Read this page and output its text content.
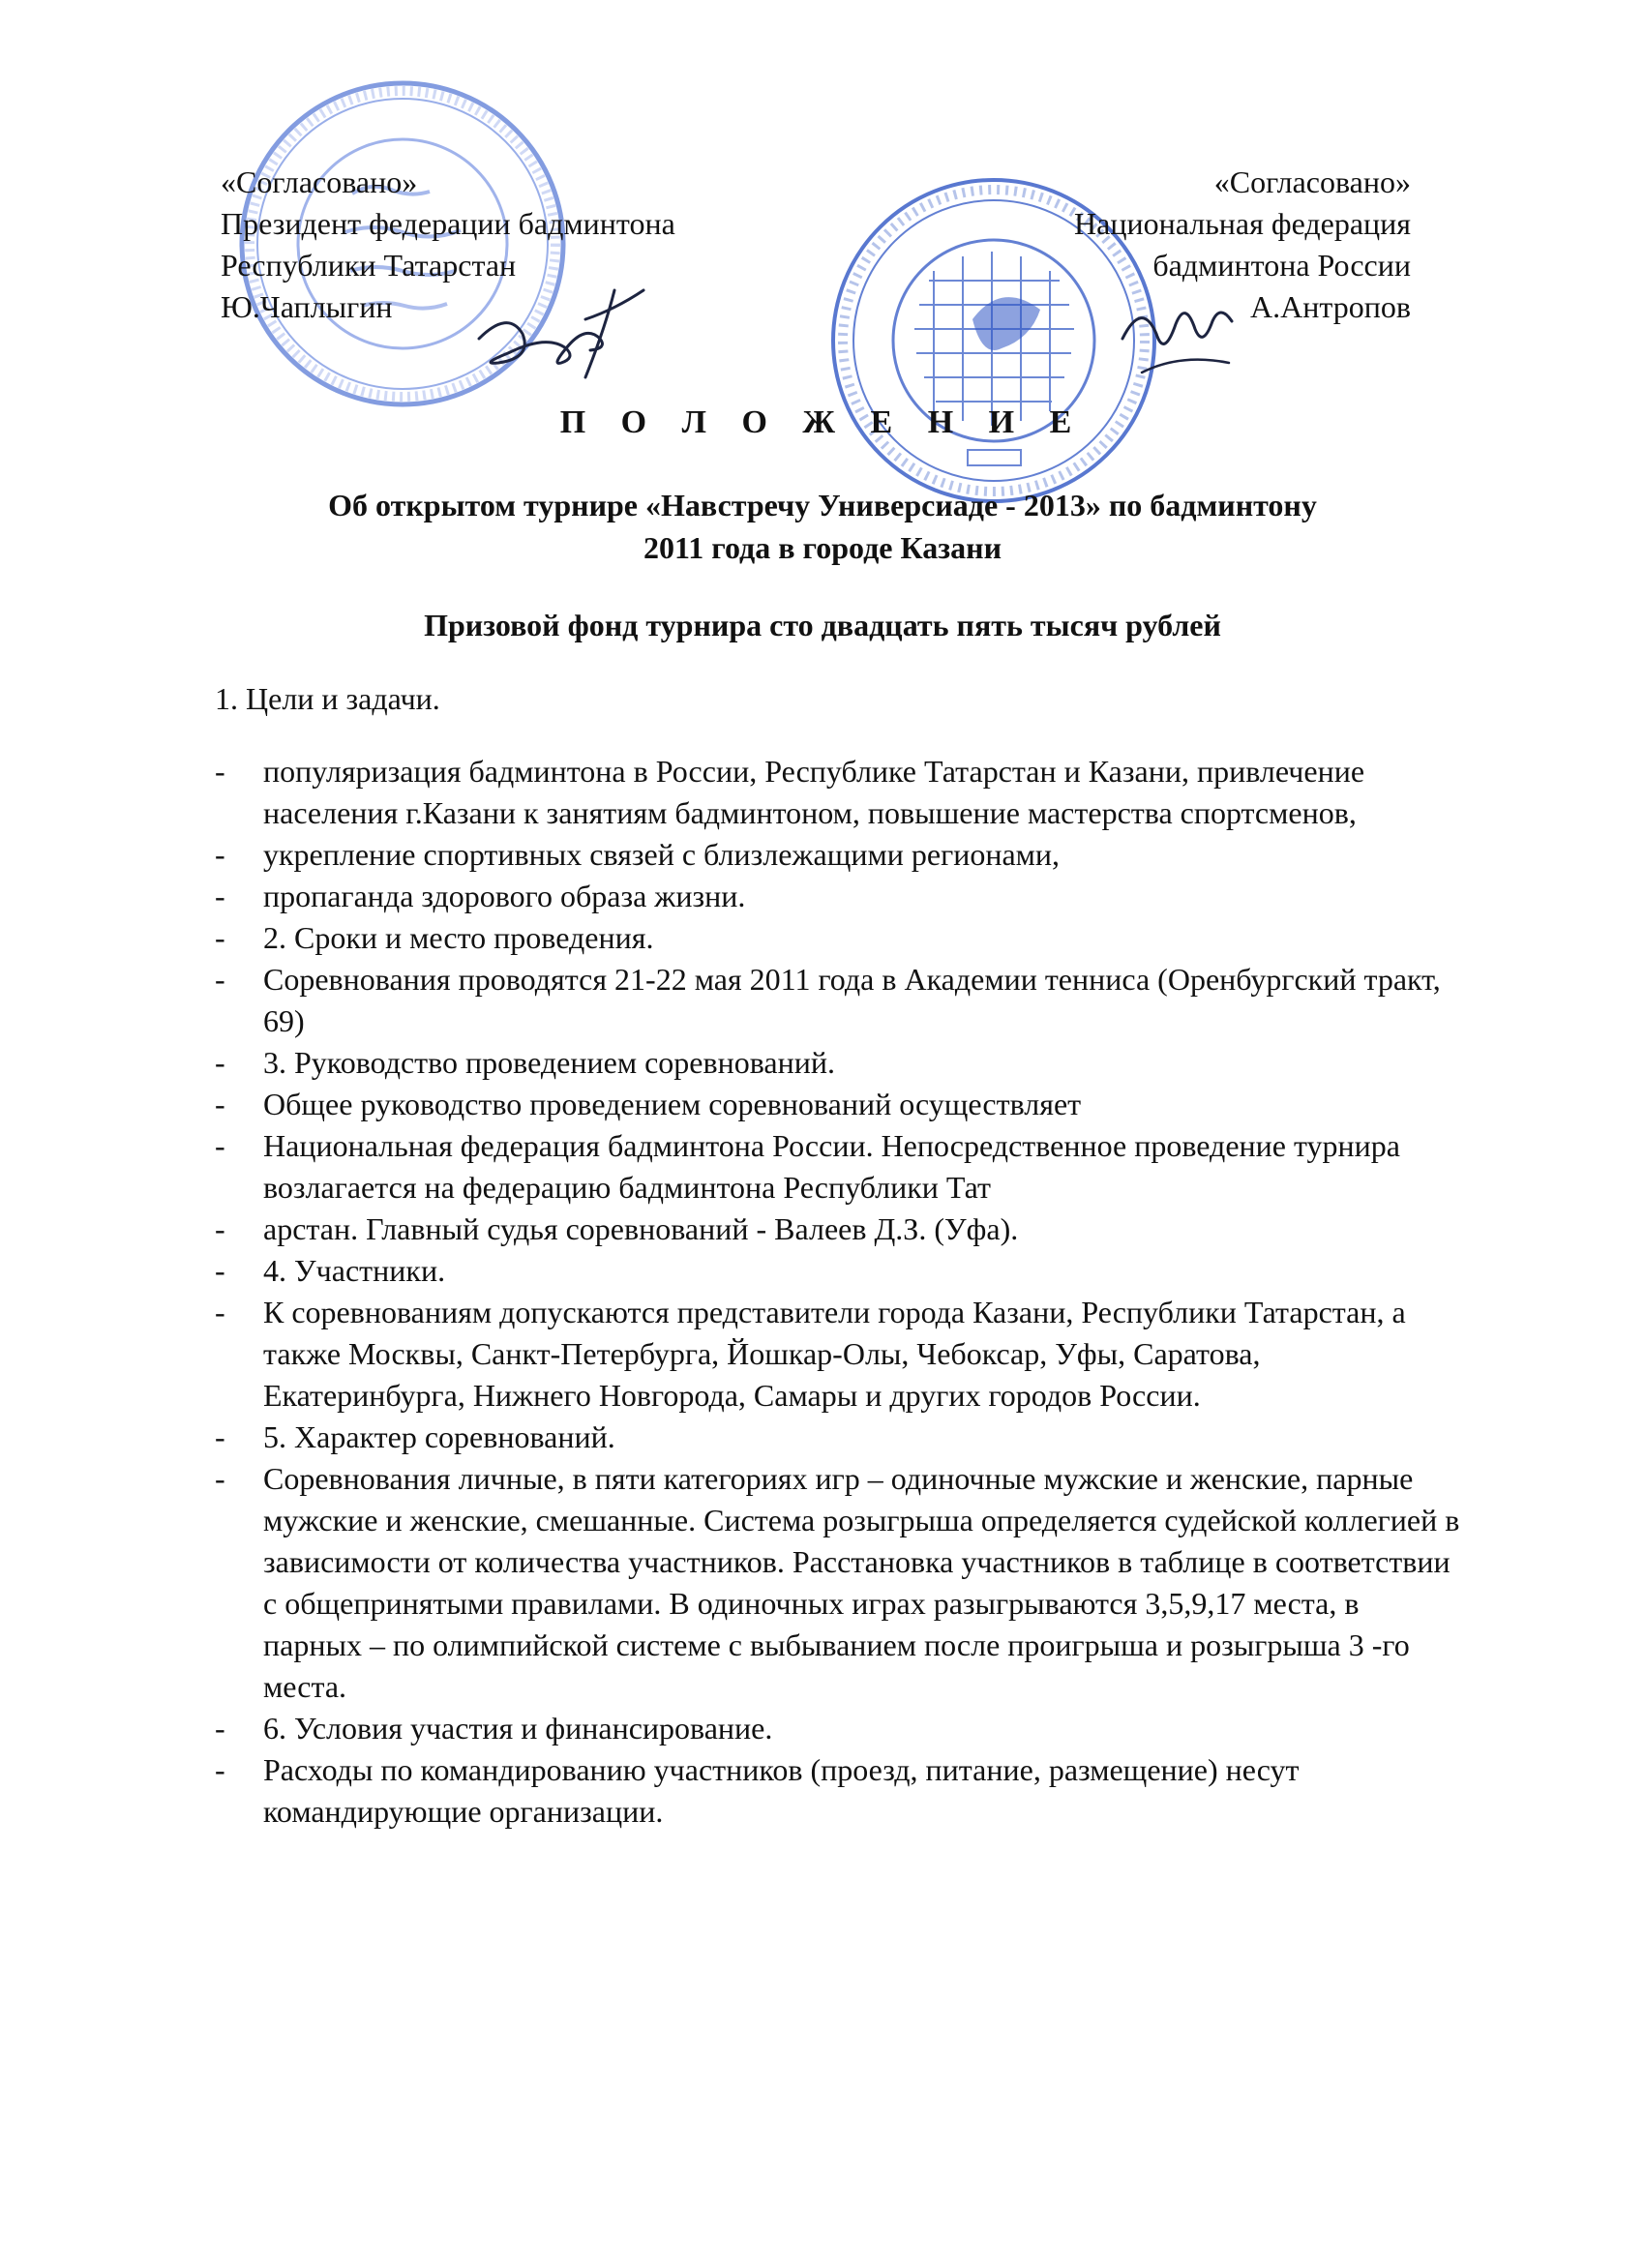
«Согласовано»
Президент федерации бадминтона
Республики Татарстан
Ю.Чаплыгин
«Согласовано»
Национальная федерация
бадминтона России
А.Антропов
П О Л О Ж Е Н И Е
Об открытом турнире «Навстречу Универсиаде - 2013» по бадминтону
2011 года в городе Казани
Призовой фонд турнира сто двадцать пять тысяч рублей
1. Цели и задачи.
- популяризация бадминтона в России, Республике Татарстан и Казани, привлечение населения г.Казани к занятиям бадминтоном, повышение мастерства спортсменов,
- укрепление спортивных связей с близлежащими регионами,
- пропаганда здорового образа жизни.
- 2. Сроки и место проведения.
- Соревнования проводятся 21-22 мая 2011 года в Академии тенниса (Оренбургский тракт, 69)
- 3. Руководство проведением соревнований.
- Общее руководство проведением соревнований осуществляет
- Национальная федерация бадминтона России. Непосредственное проведение турнира возлагается на федерацию бадминтона Республики Тат
- арстан. Главный судья соревнований - Валеев Д.З. (Уфа).
- 4. Участники.
- К соревнованиям допускаются представители города Казани, Республики Татарстан, а также Москвы, Санкт-Петербурга, Йошкар-Олы, Чебоксар, Уфы, Саратова, Екатеринбурга, Нижнего Новгорода, Самары и других городов России.
- 5. Характер соревнований.
- Соревнования личные, в пяти категориях игр – одиночные мужские и женские, парные мужские и женские, смешанные. Система розыгрыша определяется судейской коллегией в зависимости от количества участников. Расстановка участников в таблице в соответствии с общепринятыми правилами. В одиночных играх разыгрываются 3,5,9,17 места, в парных – по олимпийской системе с выбыванием после проигрыша и розыгрыша 3 -го места.
- 6. Условия участия и финансирование.
- Расходы по командированию участников (проезд, питание, размещение) несут командирующие организации.
